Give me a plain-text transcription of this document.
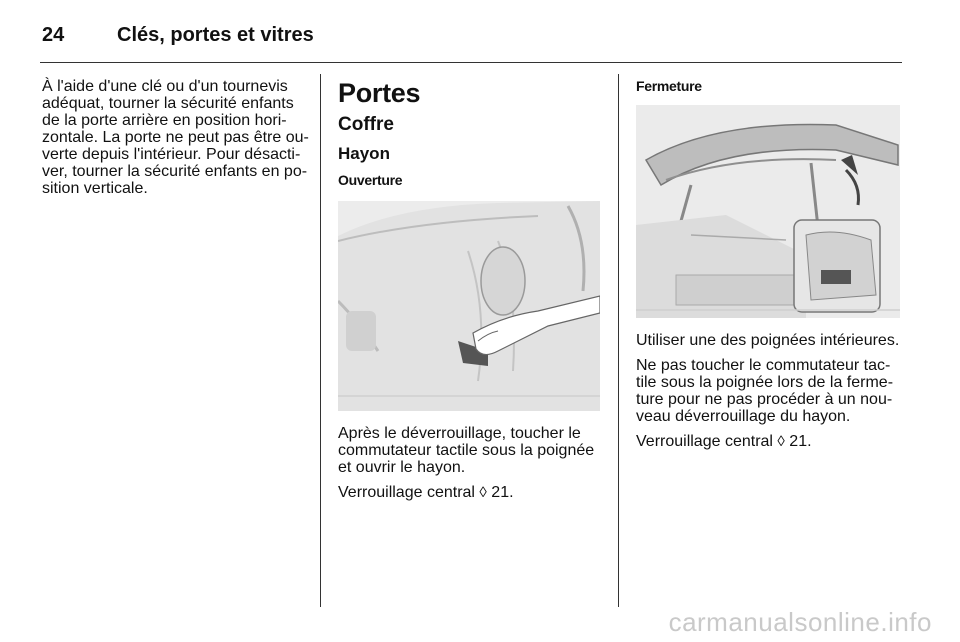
24	Clés, portes et vitres

À l'aide d'une clé ou d'un tournevis adéquat, tourner la sécurité enfants de la porte arrière en position hori-zontale. La porte ne peut pas être ou-verte depuis l'intérieur. Pour désacti-ver, tourner la sécurité enfants en po-sition verticale.

Portes
Coffre
Hayon
Ouverture

Après le déverrouillage, toucher le commutateur tactile sous la poignée et ouvrir le hayon.

Verrouillage central ◊ 21.

Fermeture

Utiliser une des poignées intérieures.

Ne pas toucher le commutateur tac-tile sous la poignée lors de la ferme-ture pour ne pas procéder à un nou-veau déverrouillage du hayon.

Verrouillage central ◊ 21.

carmanualsonline.info
